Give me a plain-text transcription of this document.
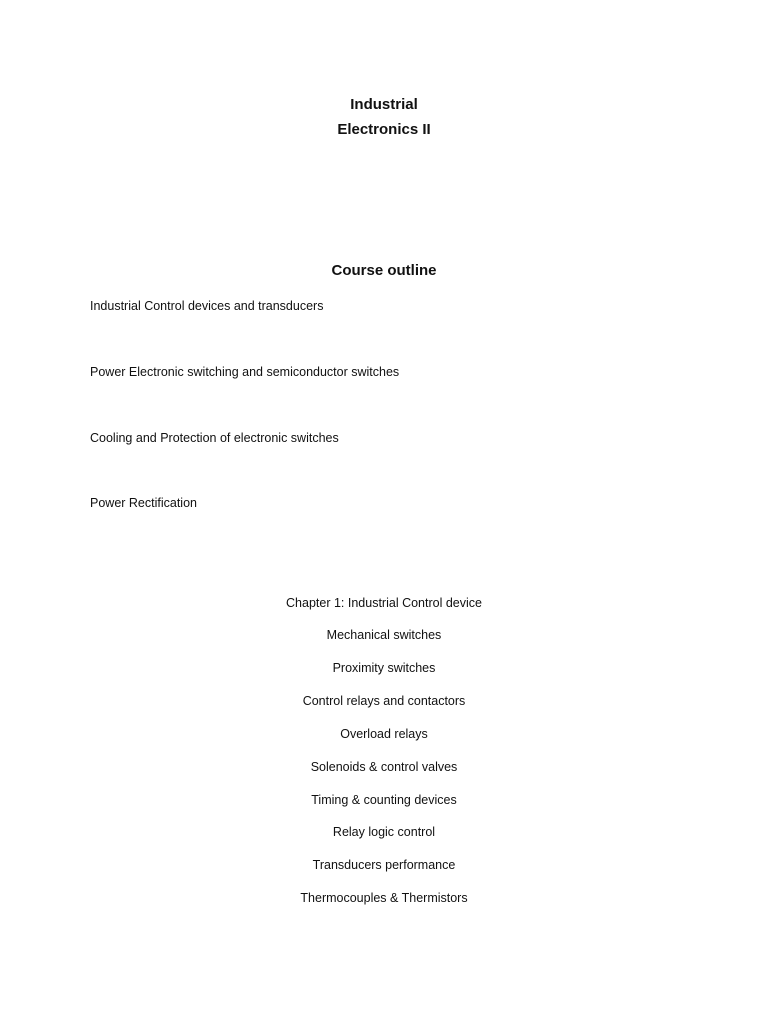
Industrial
Electronics II
Course outline
Industrial Control devices and transducers
Power Electronic switching and semiconductor switches
Cooling and Protection of electronic switches
Power Rectification
Chapter 1: Industrial Control device
Mechanical switches
Proximity switches
Control relays and contactors
Overload relays
Solenoids & control valves
Timing & counting devices
Relay logic control
Transducers performance
Thermocouples & Thermistors
